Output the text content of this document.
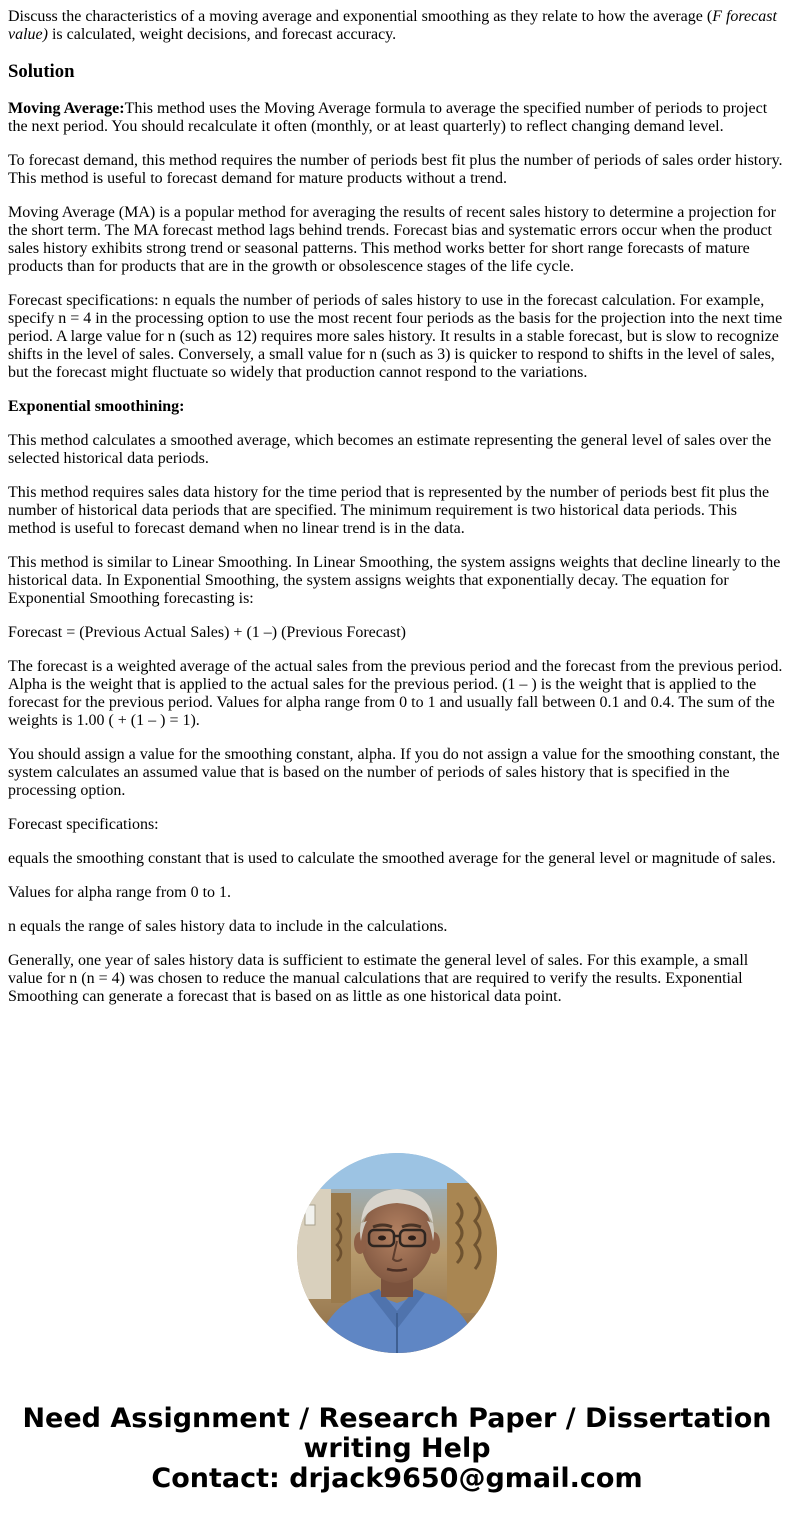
Discuss the characteristics of a moving average and exponential smoothing as they relate to how the average (F forecast value) is calculated, weight decisions, and forecast accuracy.

Solution

Moving Average:This method uses the Moving Average formula to average the specified number of periods to project the next period. You should recalculate it often (monthly, or at least quarterly) to reflect changing demand level.

To forecast demand, this method requires the number of periods best fit plus the number of periods of sales order history. This method is useful to forecast demand for mature products without a trend.

Moving Average (MA) is a popular method for averaging the results of recent sales history to determine a projection for the short term. The MA forecast method lags behind trends. Forecast bias and systematic errors occur when the product sales history exhibits strong trend or seasonal patterns. This method works better for short range forecasts of mature products than for products that are in the growth or obsolescence stages of the life cycle.

Forecast specifications: n equals the number of periods of sales history to use in the forecast calculation. For example, specify n = 4 in the processing option to use the most recent four periods as the basis for the projection into the next time period. A large value for n (such as 12) requires more sales history. It results in a stable forecast, but is slow to recognize shifts in the level of sales. Conversely, a small value for n (such as 3) is quicker to respond to shifts in the level of sales, but the forecast might fluctuate so widely that production cannot respond to the variations.

Exponential smoothining:

This method calculates a smoothed average, which becomes an estimate representing the general level of sales over the selected historical data periods.

This method requires sales data history for the time period that is represented by the number of periods best fit plus the number of historical data periods that are specified. The minimum requirement is two historical data periods. This method is useful to forecast demand when no linear trend is in the data.

This method is similar to Linear Smoothing. In Linear Smoothing, the system assigns weights that decline linearly to the historical data. In Exponential Smoothing, the system assigns weights that exponentially decay. The equation for Exponential Smoothing forecasting is:

Forecast = (Previous Actual Sales) + (1 –) (Previous Forecast)

The forecast is a weighted average of the actual sales from the previous period and the forecast from the previous period. Alpha is the weight that is applied to the actual sales for the previous period. (1 – ) is the weight that is applied to the forecast for the previous period. Values for alpha range from 0 to 1 and usually fall between 0.1 and 0.4. The sum of the weights is 1.00 ( + (1 – ) = 1).

You should assign a value for the smoothing constant, alpha. If you do not assign a value for the smoothing constant, the system calculates an assumed value that is based on the number of periods of sales history that is specified in the processing option.

Forecast specifications:

equals the smoothing constant that is used to calculate the smoothed average for the general level or magnitude of sales.

Values for alpha range from 0 to 1.

n equals the range of sales history data to include in the calculations.

Generally, one year of sales history data is sufficient to estimate the general level of sales. For this example, a small value for n (n = 4) was chosen to reduce the manual calculations that are required to verify the results. Exponential Smoothing can generate a forecast that is based on as little as one historical data point.

Need Assignment / Research Paper / Dissertation
writing Help
Contact: drjack9650@gmail.com
